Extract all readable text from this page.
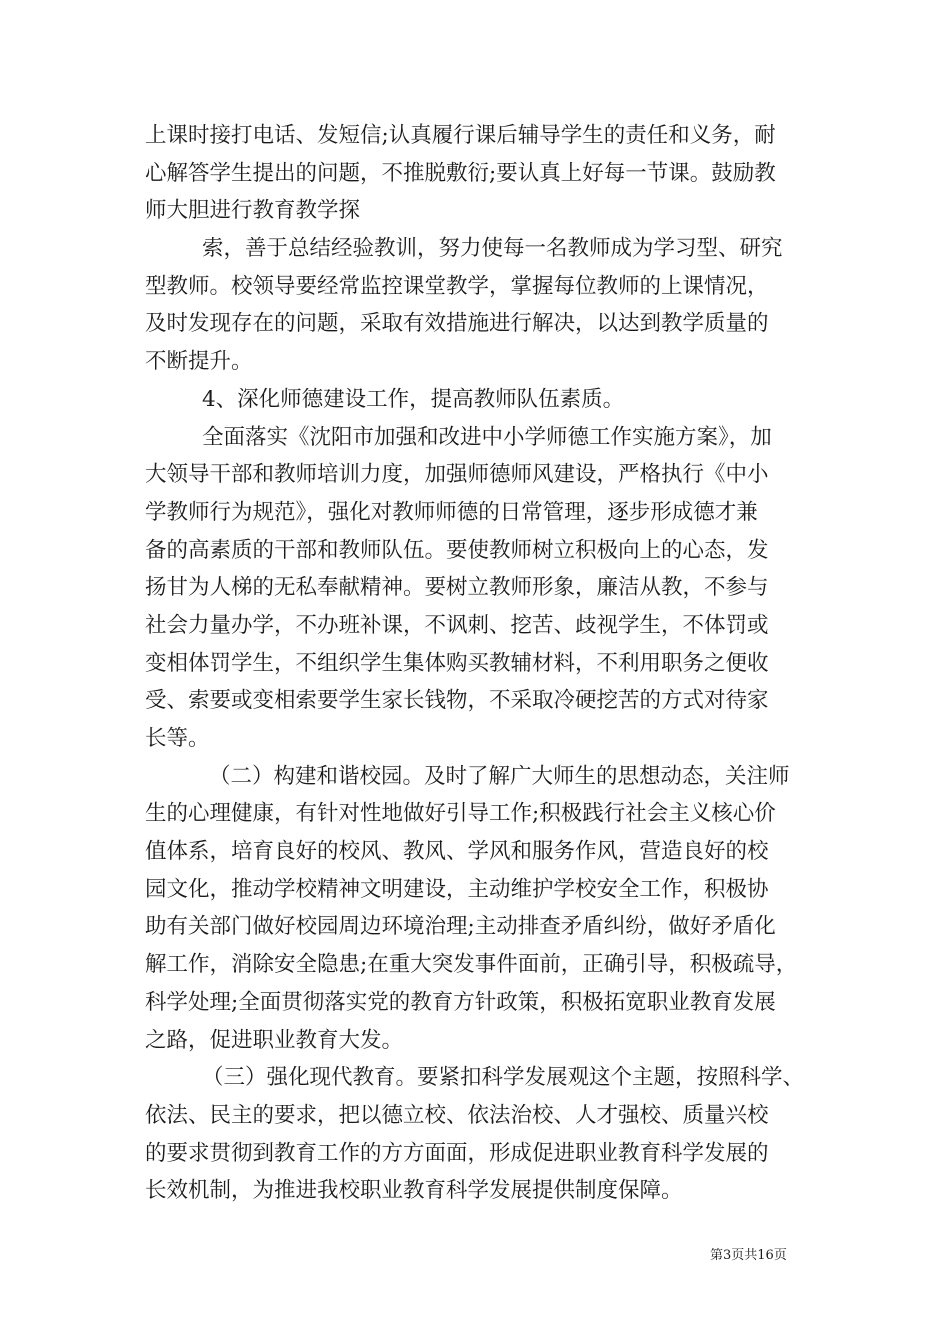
上课时接打电话、发短信;认真履行课后辅导学生的责任和义务，耐
心解答学生提出的问题，不推脱敷衍;要认真上好每一节课。鼓励教
师大胆进行教育教学探
索，善于总结经验教训，努力使每一名教师成为学习型、研究
型教师。校领导要经常监控课堂教学，掌握每位教师的上课情况，
及时发现存在的问题，采取有效措施进行解决，以达到教学质量的
不断提升。
4、深化师德建设工作，提高教师队伍素质。
全面落实《沈阳市加强和改进中小学师德工作实施方案》，加
大领导干部和教师培训力度，加强师德师风建设，严格执行《中小
学教师行为规范》，强化对教师师德的日常管理，逐步形成德才兼
备的高素质的干部和教师队伍。要使教师树立积极向上的心态，发
扬甘为人梯的无私奉献精神。要树立教师形象，廉洁从教，不参与
社会力量办学，不办班补课，不讽刺、挖苦、歧视学生，不体罚或
变相体罚学生，不组织学生集体购买教辅材料，不利用职务之便收
受、索要或变相索要学生家长钱物，不采取冷硬挖苦的方式对待家
长等。
（二）构建和谐校园。及时了解广大师生的思想动态，关注师
生的心理健康，有针对性地做好引导工作;积极践行社会主义核心价
值体系，培育良好的校风、教风、学风和服务作风，营造良好的校
园文化，推动学校精神文明建设，主动维护学校安全工作，积极协
助有关部门做好校园周边环境治理;主动排查矛盾纠纷，做好矛盾化
解工作，消除安全隐患;在重大突发事件面前，正确引导，积极疏导，
科学处理;全面贯彻落实党的教育方针政策，积极拓宽职业教育发展
之路，促进职业教育大发。
（三）强化现代教育。要紧扣科学发展观这个主题，按照科学、
依法、民主的要求，把以德立校、依法治校、人才强校、质量兴校
的要求贯彻到教育工作的方方面面，形成促进职业教育科学发展的
长效机制，为推进我校职业教育科学发展提供制度保障。
第3页共16页
